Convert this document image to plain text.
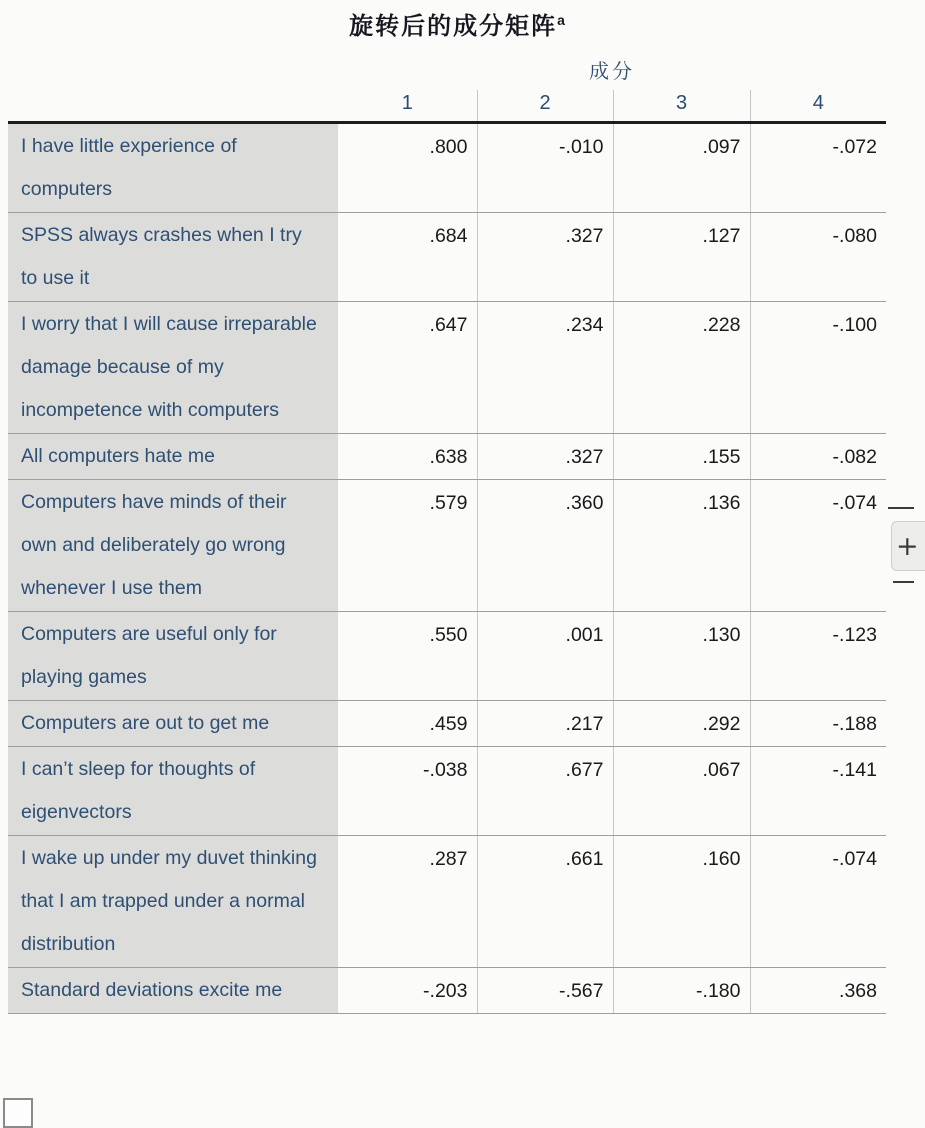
旋转后的成分矩阵$^a$
	成分			
	1	2	3	4
I have little experience of computers	.800	-.010	.097	-.072
SPSS always crashes when I try to use it	.684	.327	.127	-.080
I worry that I will cause irreparable damage because of my incompetence with computers	.647	.234	.228	-.100
All computers hate me	.638	.327	.155	-.082
Computers have minds of their own and deliberately go wrong whenever I use them	.579	.360	.136	-.074
Computers are useful only for playing games	.550	.001	.130	-.123
Computers are out to get me	.459	.217	.292	-.188
I can’t sleep for thoughts of eigenvectors	-.038	.677	.067	-.141
I wake up under my duvet thinking that I am trapped under a normal distribution	.287	.661	.160	-.074
Standard deviations excite me	-.203	-.567	-.180	.368
+
